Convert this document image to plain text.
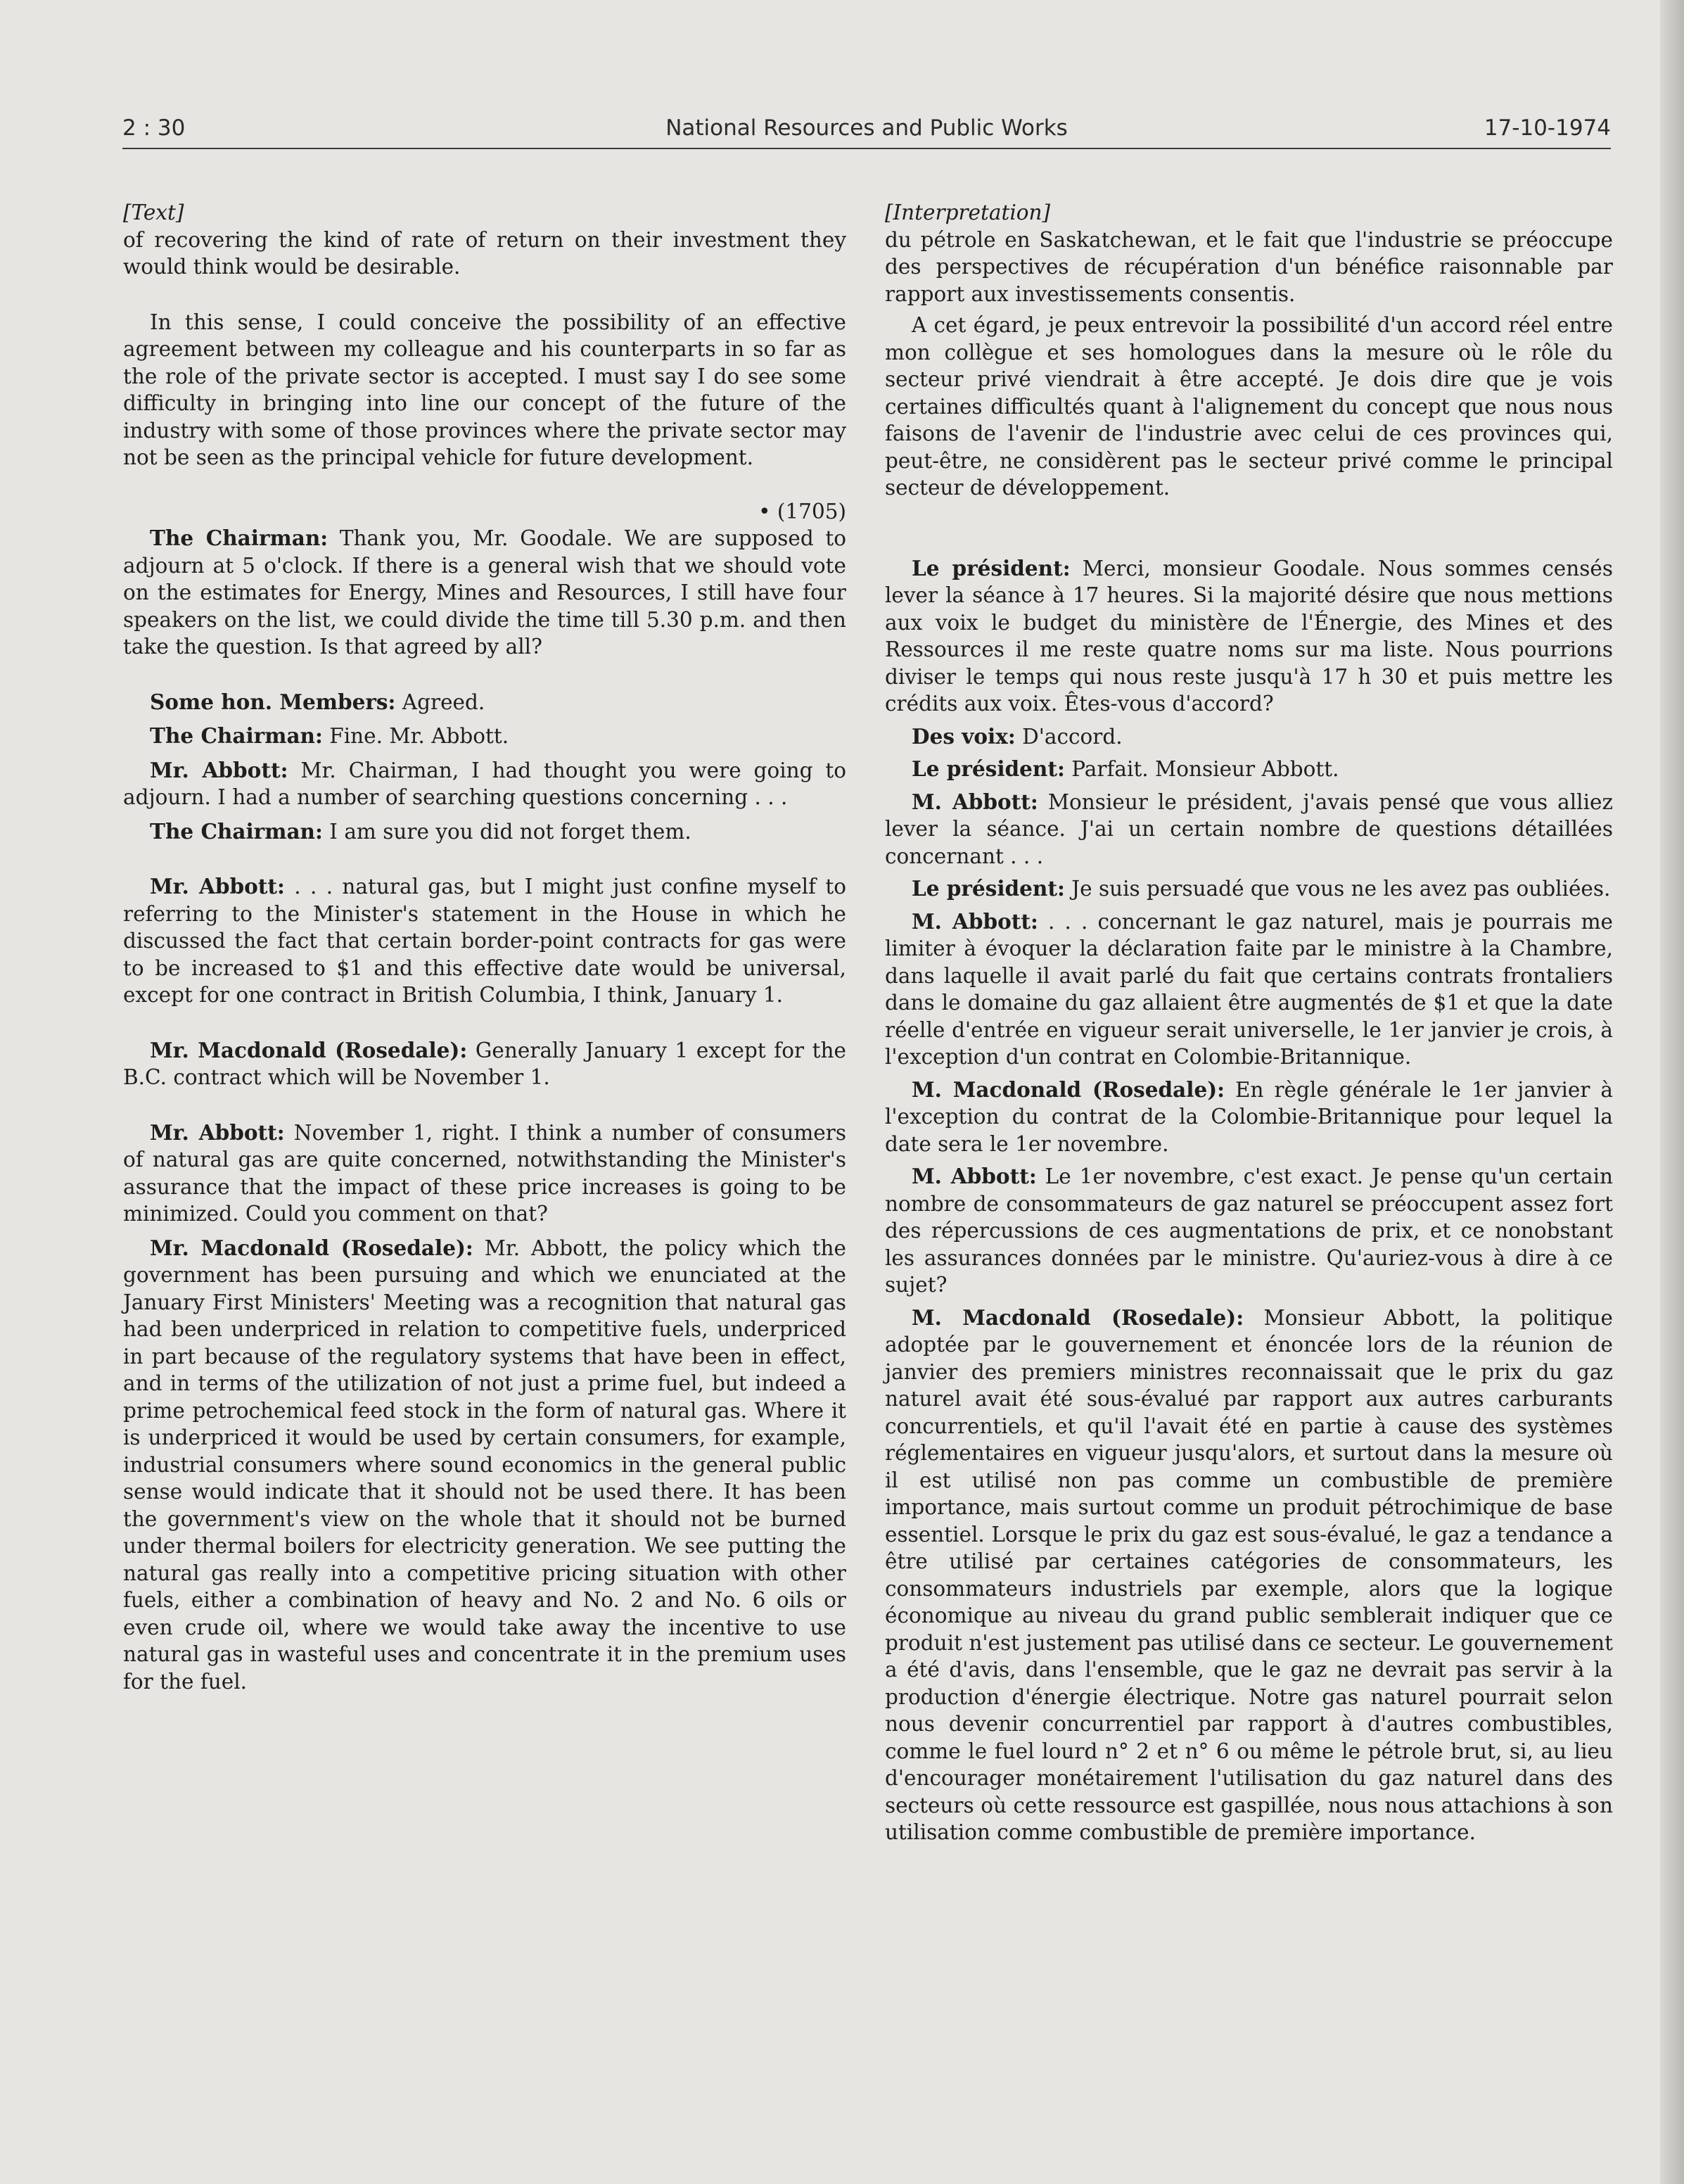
2 : 30	National Resources and Public Works	17-10-1974

[Text]

of recovering the kind of rate of return on their investment they would think would be desirable.

In this sense, I could conceive the possibility of an effective agreement between my colleague and his counterparts in so far as the role of the private sector is accepted. I must say I do see some difficulty in bringing into line our concept of the future of the industry with some of those provinces where the private sector may not be seen as the principal vehicle for future development.

• (1705)

The Chairman: Thank you, Mr. Goodale. We are supposed to adjourn at 5 o'clock. If there is a general wish that we should vote on the estimates for Energy, Mines and Resources, I still have four speakers on the list, we could divide the time till 5.30 p.m. and then take the question. Is that agreed by all?

Some hon. Members: Agreed.

The Chairman: Fine. Mr. Abbott.

Mr. Abbott: Mr. Chairman, I had thought you were going to adjourn. I had a number of searching questions concerning . . .

The Chairman: I am sure you did not forget them.

Mr. Abbott: . . . natural gas, but I might just confine myself to referring to the Minister's statement in the House in which he discussed the fact that certain border-point contracts for gas were to be increased to $1 and this effective date would be universal, except for one contract in British Columbia, I think, January 1.

Mr. Macdonald (Rosedale): Generally January 1 except for the B.C. contract which will be November 1.

Mr. Abbott: November 1, right. I think a number of consumers of natural gas are quite concerned, notwithstanding the Minister's assurance that the impact of these price increases is going to be minimized. Could you comment on that?

Mr. Macdonald (Rosedale): Mr. Abbott, the policy which the government has been pursuing and which we enunciated at the January First Ministers' Meeting was a recognition that natural gas had been underpriced in relation to competitive fuels, underpriced in part because of the regulatory systems that have been in effect, and in terms of the utilization of not just a prime fuel, but indeed a prime petrochemical feed stock in the form of natural gas. Where it is underpriced it would be used by certain consumers, for example, industrial consumers where sound economics in the general public sense would indicate that it should not be used there. It has been the government's view on the whole that it should not be burned under thermal boilers for electricity generation. We see putting the natural gas really into a competitive pricing situation with other fuels, either a combination of heavy and No. 2 and No. 6 oils or even crude oil, where we would take away the incentive to use natural gas in wasteful uses and concentrate it in the premium uses for the fuel.

[Interpretation]

du pétrole en Saskatchewan, et le fait que l'industrie se préoccupe des perspectives de récupération d'un bénéfice raisonnable par rapport aux investissements consentis.

A cet égard, je peux entrevoir la possibilité d'un accord réel entre mon collègue et ses homologues dans la mesure où le rôle du secteur privé viendrait à être accepté. Je dois dire que je vois certaines difficultés quant à l'alignement du concept que nous nous faisons de l'avenir de l'industrie avec celui de ces provinces qui, peut-être, ne considèrent pas le secteur privé comme le principal secteur de développement.

Le président: Merci, monsieur Goodale. Nous sommes censés lever la séance à 17 heures. Si la majorité désire que nous mettions aux voix le budget du ministère de l'Énergie, des Mines et des Ressources il me reste quatre noms sur ma liste. Nous pourrions diviser le temps qui nous reste jusqu'à 17 h 30 et puis mettre les crédits aux voix. Êtes-vous d'accord?

Des voix: D'accord.

Le président: Parfait. Monsieur Abbott.

M. Abbott: Monsieur le président, j'avais pensé que vous alliez lever la séance. J'ai un certain nombre de questions détaillées concernant . . .

Le président: Je suis persuadé que vous ne les avez pas oubliées.

M. Abbott: . . . concernant le gaz naturel, mais je pourrais me limiter à évoquer la déclaration faite par le ministre à la Chambre, dans laquelle il avait parlé du fait que certains contrats frontaliers dans le domaine du gaz allaient être augmentés de $1 et que la date réelle d'entrée en vigueur serait universelle, le 1er janvier je crois, à l'exception d'un contrat en Colombie-Britannique.

M. Macdonald (Rosedale): En règle générale le 1er janvier à l'exception du contrat de la Colombie-Britannique pour lequel la date sera le 1er novembre.

M. Abbott: Le 1er novembre, c'est exact. Je pense qu'un certain nombre de consommateurs de gaz naturel se préoccupent assez fort des répercussions de ces augmentations de prix, et ce nonobstant les assurances données par le ministre. Qu'auriez-vous à dire à ce sujet?

M. Macdonald (Rosedale): Monsieur Abbott, la politique adoptée par le gouvernement et énoncée lors de la réunion de janvier des premiers ministres reconnaissait que le prix du gaz naturel avait été sous-évalué par rapport aux autres carburants concurrentiels, et qu'il l'avait été en partie à cause des systèmes réglementaires en vigueur jusqu'alors, et surtout dans la mesure où il est utilisé non pas comme un combustible de première importance, mais surtout comme un produit pétrochimique de base essentiel. Lorsque le prix du gaz est sous-évalué, le gaz a tendance a être utilisé par certaines catégories de consommateurs, les consommateurs industriels par exemple, alors que la logique économique au niveau du grand public semblerait indiquer que ce produit n'est justement pas utilisé dans ce secteur. Le gouvernement a été d'avis, dans l'ensemble, que le gaz ne devrait pas servir à la production d'énergie électrique. Notre gas naturel pourrait selon nous devenir concurrentiel par rapport à d'autres combustibles, comme le fuel lourd n° 2 et n° 6 ou même le pétrole brut, si, au lieu d'encourager monétairement l'utilisation du gaz naturel dans des secteurs où cette ressource est gaspillée, nous nous attachions à son utilisation comme combustible de première importance.
